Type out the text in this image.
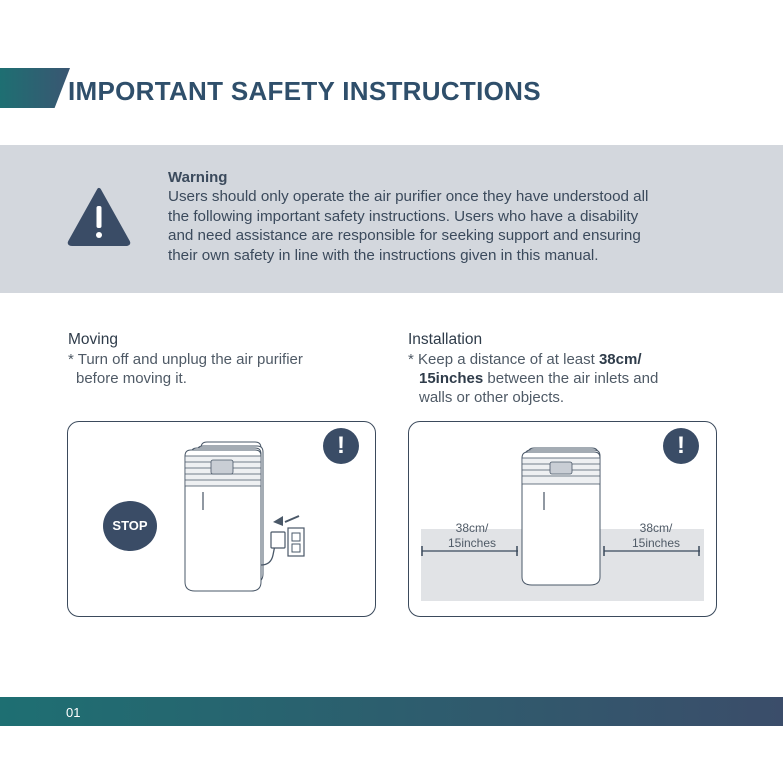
IMPORTANT SAFETY INSTRUCTIONS
Warning
Users should only operate the air purifier once they have understood all
the following important safety instructions. Users who have a disability
and need assistance are responsible for seeking support and ensuring
their own safety in line with the instructions given in this manual.
Moving
* Turn off and unplug the air purifier
before moving it.
!
STOP
Installation
* Keep a distance of at least 38cm/
15inches between the air inlets and
walls or other objects.
!
38cm/
15inches
38cm/
15inches
01
